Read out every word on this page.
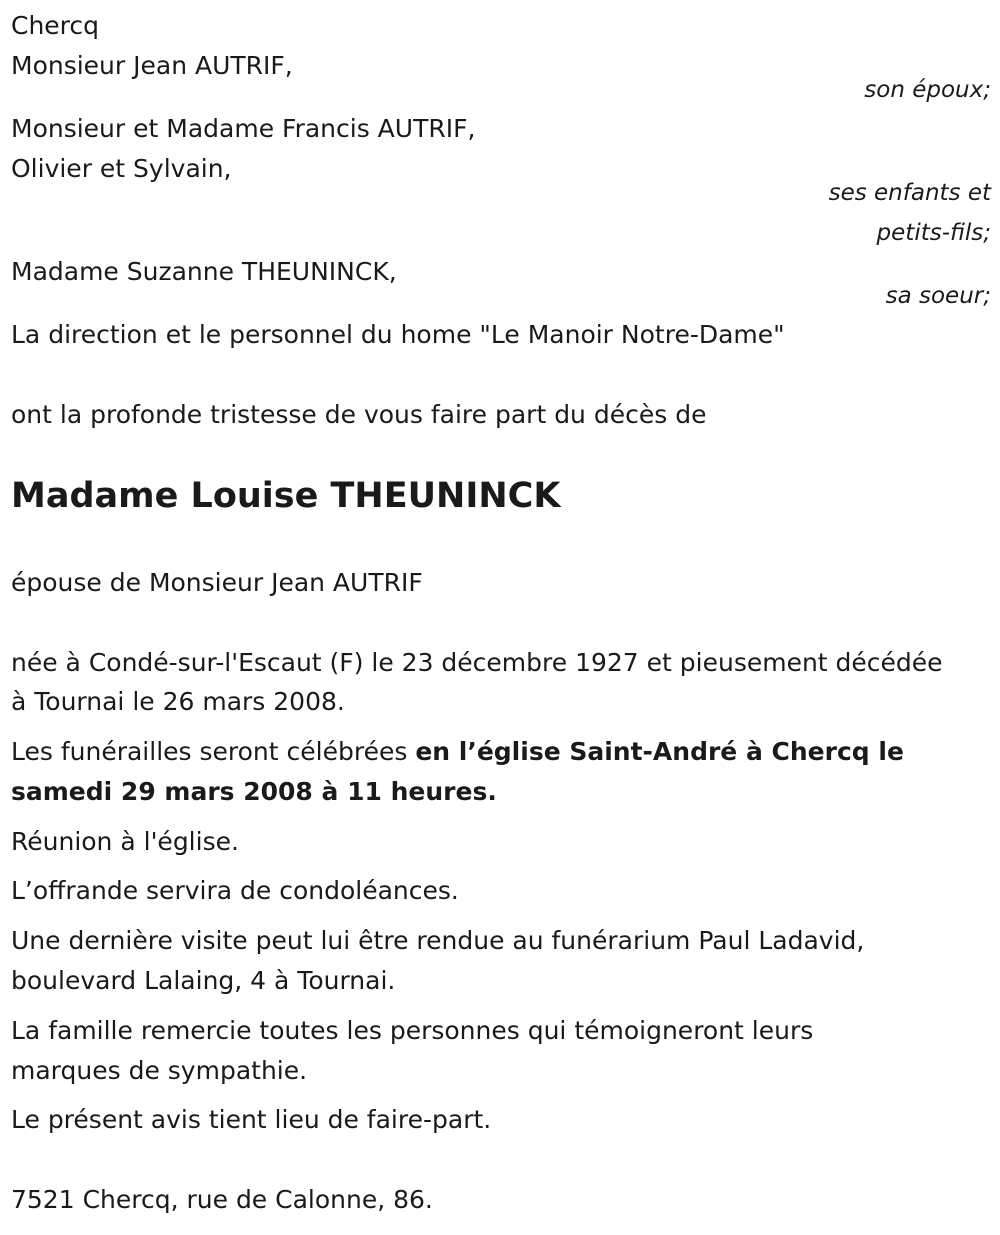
Chercq
Monsieur Jean AUTRIF,
son époux;
Monsieur et Madame Francis AUTRIF,
Olivier et Sylvain,
ses enfants et
petits-fils;
Madame Suzanne THEUNINCK,
sa soeur;
La direction et le personnel du home "Le Manoir Notre-Dame"
ont la profonde tristesse de vous faire part du décès de
Madame Louise THEUNINCK
épouse de Monsieur Jean AUTRIF
née à Condé-sur-l'Escaut (F) le 23 décembre 1927 et pieusement décédée
à Tournai le 26 mars 2008.
Les funérailles seront célébrées en l’église Saint-André à Chercq le
samedi 29 mars 2008 à 11 heures.
Réunion à l'église.
L’offrande servira de condoléances.
Une dernière visite peut lui être rendue au funérarium Paul Ladavid,
boulevard Lalaing, 4 à Tournai.
La famille remercie toutes les personnes qui témoigneront leurs
marques de sympathie.
Le présent avis tient lieu de faire-part.
7521 Chercq, rue de Calonne, 86.
